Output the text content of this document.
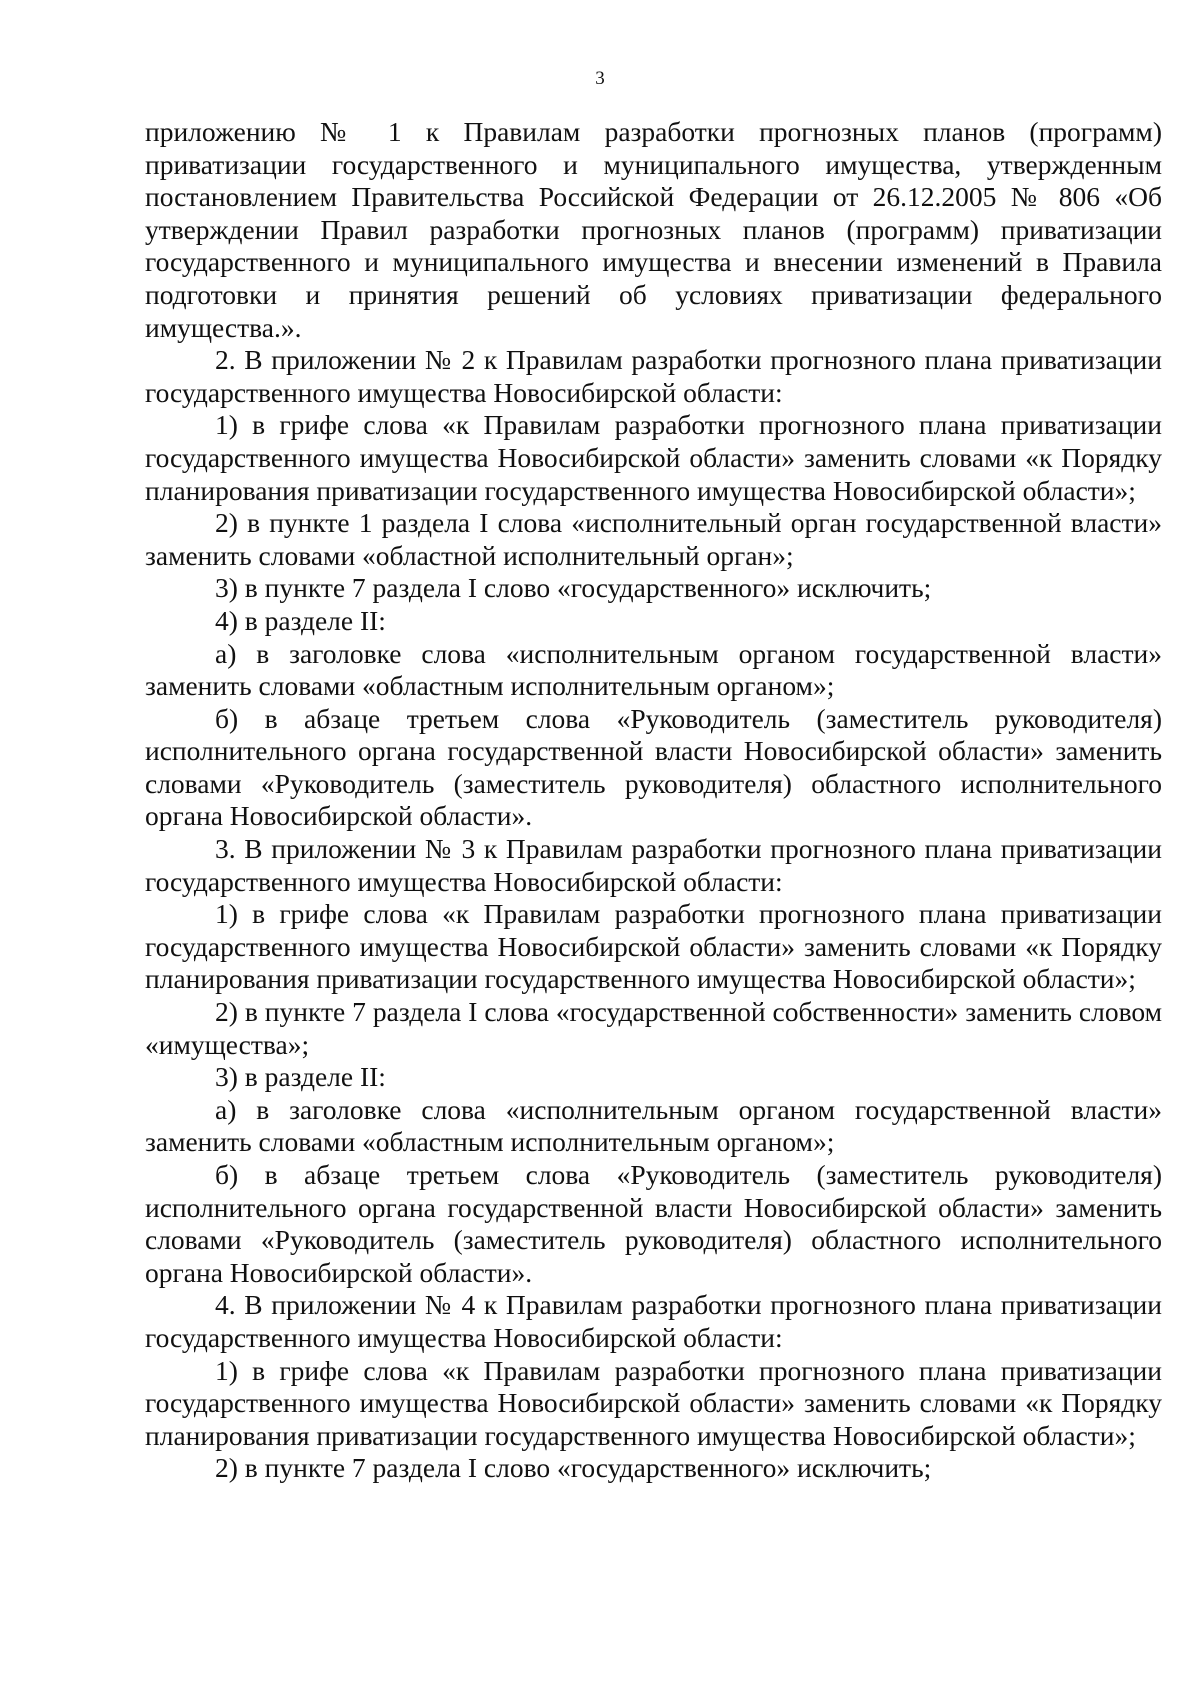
3

приложению № 1 к Правилам разработки прогнозных планов (программ) приватизации государственного и муниципального имущества, утвержденным постановлением Правительства Российской Федерации от 26.12.2005 № 806 «Об утверждении Правил разработки прогнозных планов (программ) приватизации государственного и муниципального имущества и внесении изменений в Правила подготовки и принятия решений об условиях приватизации федерального имущества.».

2. В приложении № 2 к Правилам разработки прогнозного плана приватизации государственного имущества Новосибирской области:

1) в грифе слова «к Правилам разработки прогнозного плана приватизации государственного имущества Новосибирской области» заменить словами «к Порядку планирования приватизации государственного имущества Новосибирской области»;

2) в пункте 1 раздела I слова «исполнительный орган государственной власти» заменить словами «областной исполнительный орган»;

3) в пункте 7 раздела I слово «государственного» исключить;

4) в разделе II:

а) в заголовке слова «исполнительным органом государственной власти» заменить словами «областным исполнительным органом»;

б) в абзаце третьем слова «Руководитель (заместитель руководителя) исполнительного органа государственной власти Новосибирской области» заменить словами «Руководитель (заместитель руководителя) областного исполнительного органа Новосибирской области».

3. В приложении № 3 к Правилам разработки прогнозного плана приватизации государственного имущества Новосибирской области:

1) в грифе слова «к Правилам разработки прогнозного плана приватизации государственного имущества Новосибирской области» заменить словами «к Порядку планирования приватизации государственного имущества Новосибирской области»;

2) в пункте 7 раздела I слова «государственной собственности» заменить словом «имущества»;

3) в разделе II:

а) в заголовке слова «исполнительным органом государственной власти» заменить словами «областным исполнительным органом»;

б) в абзаце третьем слова «Руководитель (заместитель руководителя) исполнительного органа государственной власти Новосибирской области» заменить словами «Руководитель (заместитель руководителя) областного исполнительного органа Новосибирской области».

4. В приложении № 4 к Правилам разработки прогнозного плана приватизации государственного имущества Новосибирской области:

1) в грифе слова «к Правилам разработки прогнозного плана приватизации государственного имущества Новосибирской области» заменить словами «к Порядку планирования приватизации государственного имущества Новосибирской области»;

2) в пункте 7 раздела I слово «государственного» исключить;
